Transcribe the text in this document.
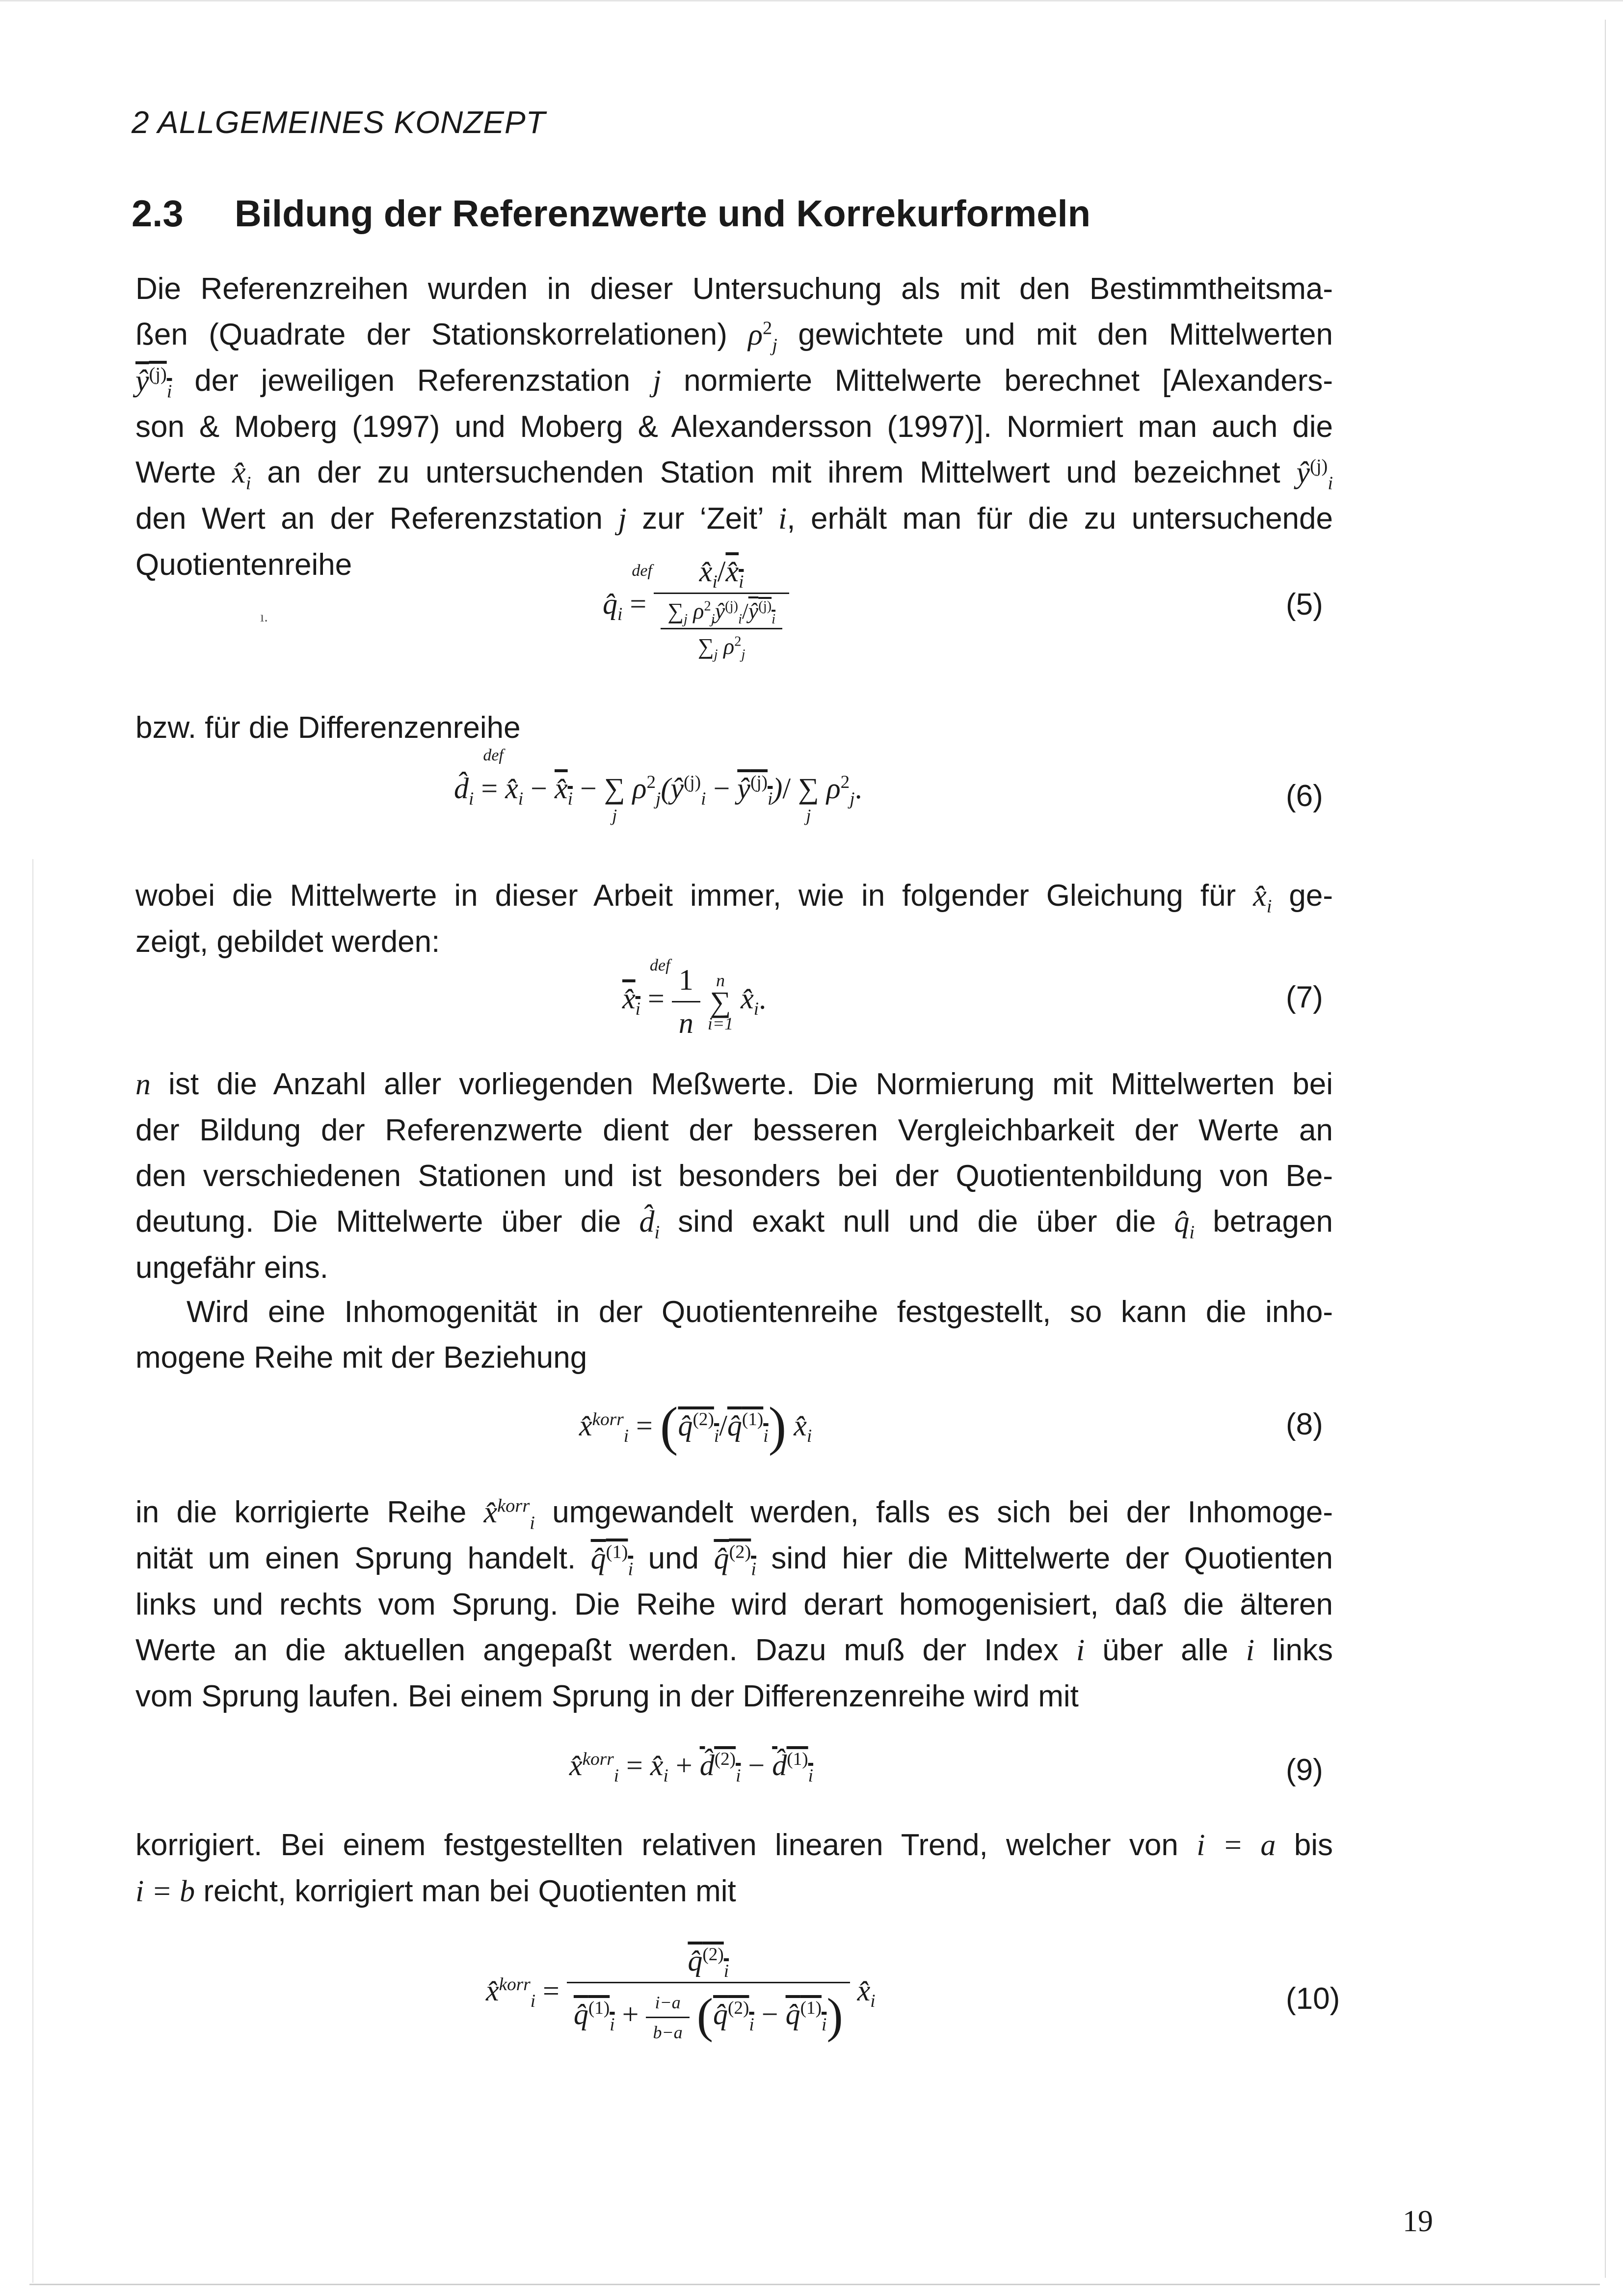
2 ALLGEMEINES KONZEPT
2.3 Bildung der Referenzwerte und Korrekurformeln
Die Referenzreihen wurden in dieser Untersuchung als mit den Bestimmtheitsma-
ßen (Quadrate der Stationskorrelationen) $\rho^2_j$ gewichtete und mit den Mittelwerten
$ŷ^{(j)}_i$ der jeweiligen Referenzstation j normierte Mittelwerte berechnet [Alexanders-
son & Moberg (1997) und Moberg & Alexandersson (1997)]. Normiert man auch die
Werte $x̂_i$ an der zu untersuchenden Station mit ihrem Mittelwert und bezeichnet $ŷ^{(j)}_i$
den Wert an der Referenzstation j zur ‘Zeit’ i, erhält man für die zu untersuchende
Quotientenreihe
ı.	$q̂_i$
def
= $\frac{x̂_i/x̂_i}{\frac{\sum_j \rho^2_jŷ^{(j)}_i/ŷ^{(j)}_i}{\sum_j \rho^2_j}}$	(5)
bzw. für die Differenzenreihe
$d̂_i$
def
= $x̂_i$ − $x̂_i$ − ∑
j
$\rho^2_j(ŷ^{(j)}_i$ − $ŷ^{(j)}_i)/$ ∑
j
$\rho^2_j$.	(6)
wobei die Mittelwerte in dieser Arbeit immer, wie in folgender Gleichung für $x̂_i$ ge-
zeigt, gebildet werden:
$x̂_i$
def
= $\frac{1}{n}$
n
∑
i=1
$x̂_i$.	(7)
n ist die Anzahl aller vorliegenden Meßwerte. Die Normierung mit Mittelwerten bei
der Bildung der Referenzwerte dient der besseren Vergleichbarkeit der Werte an
den verschiedenen Stationen und ist besonders bei der Quotientenbildung von Be-
deutung. Die Mittelwerte über die $d̂_i$ sind exakt null und die über die $q̂_i$ betragen
ungefähr eins.
Wird eine Inhomogenität in der Quotientenreihe festgestellt, so kann die inho-
mogene Reihe mit der Beziehung
x̂$^{korr}_i$ = (q̂$^{(2)}_i$/q̂$^{(1)}_i$) $x̂_i$	(8)
in die korrigierte Reihe x̂$^{korr}_i$ umgewandelt werden, falls es sich bei der Inhomoge-
nität um einen Sprung handelt. q̂$^{(1)}_i$ und q̂$^{(2)}_i$ sind hier die Mittelwerte der Quotienten
links und rechts vom Sprung. Die Reihe wird derart homogenisiert, daß die älteren
Werte an die aktuellen angepaßt werden. Dazu muß der Index i über alle i links
vom Sprung laufen. Bei einem Sprung in der Differenzenreihe wird mit
x̂$^{korr}_i$ = $x̂_i$ + d̂$^{(2)}_i$ − d̂$^{(1)}_i$	(9)
korrigiert. Bei einem festgestellten relativen linearen Trend, welcher von i = a bis
i = b reicht, korrigiert man bei Quotienten mit
x̂$^{korr}_i$ = $\frac{q̂^{(2)}_i}{q̂^{(1)}_i + \frac{i-a}{b-a} (q̂^{(2)}_i - q̂^{(1)}_i)}$ $x̂_i$	(10)
19
